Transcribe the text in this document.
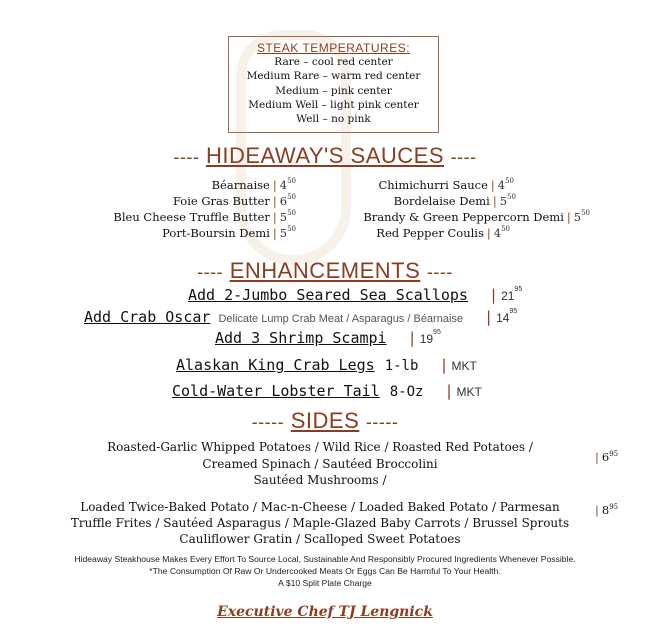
STEAK TEMPERATURES:
Rare – cool red center
Medium Rare – warm red center
Medium – pink center
Medium Well – light pink center
Well – no pink
---- HIDEAWAY'S SAUCES ----
Béarnaise | $4^{50}$
Foie Gras Butter | $6^{50}$
Bleu Cheese Truffle Butter | $5^{50}$
Port-Boursin Demi | $5^{50}$
Chimichurri Sauce | $4^{50}$
Bordelaise Demi | $5^{50}$
Brandy & Green Peppercorn Demi | $5^{50}$
Red Pepper Coulis | $4^{50}$
---- ENHANCEMENTS ----
Add 2-Jumbo Seared Sea Scallops  | $21^{95}$
Add Crab Oscar Delicate Lump Crab Meat / Asparagus / Béarnaise  | $14^{95}$
Add 3 Shrimp Scampi  | $19^{95}$
Alaskan King Crab Legs 1-lb  | MKT
Cold-Water Lobster Tail 8-Oz  | MKT
----- SIDES -----
Roasted-Garlic Whipped Potatoes / Wild Rice / Roasted Red Potatoes /
Creamed Spinach / Sautéed Broccolini
Sautéed Mushrooms /
| $6^{95}$
Loaded Twice-Baked Potato / Mac-n-Cheese / Loaded Baked Potato / Parmesan
Truffle Frites / Sautéed Asparagus / Maple-Glazed Baby Carrots / Brussel Sprouts
Cauliflower Gratin / Scalloped Sweet Potatoes
| $8^{95}$
Hideaway Steakhouse Makes Every Effort To Source Local, Sustainable And Responsibly Procured Ingredients Whenever Possible.
*The Consumption Of Raw Or Undercooked Meats Or Eggs Can Be Harmful To Your Health.
A $10 Split Plate Charge
Executive Chef TJ Lengnick
